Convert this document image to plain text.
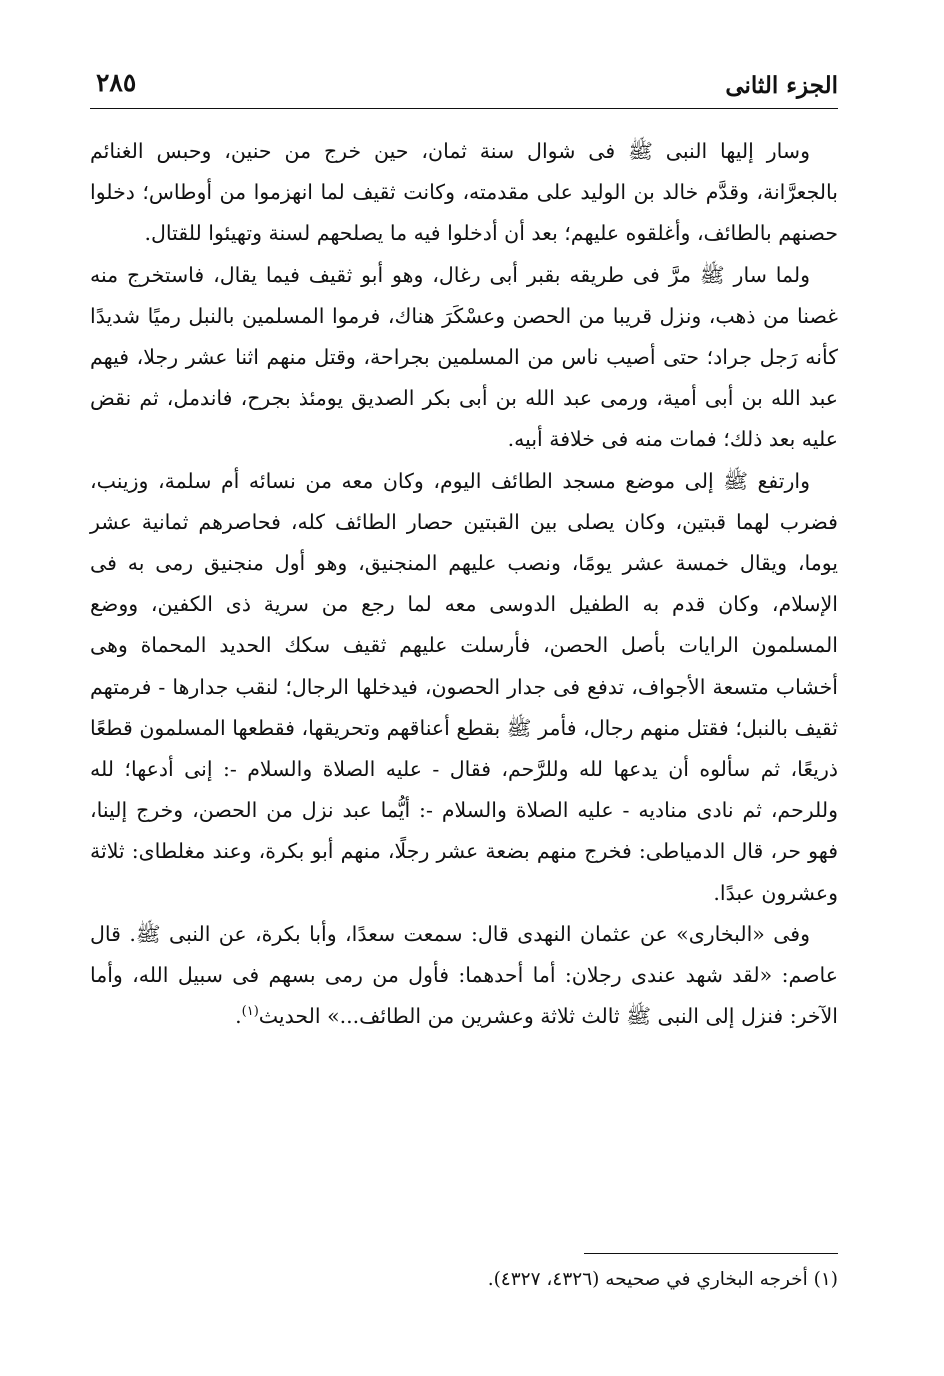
الجزء الثانى
٢٨٥

وسار إليها النبى ﷺ فى شوال سنة ثمان، حين خرج من حنين، وحبس الغنائم بالجعرَّانة، وقدَّم خالد بن الوليد على مقدمته، وكانت ثقيف لما انهزموا من أوطاس؛ دخلوا حصنهم بالطائف، وأغلقوه عليهم؛ بعد أن أدخلوا فيه ما يصلحهم لسنة وتهيئوا للقتال.

ولما سار ﷺ مرَّ فى طريقه بقبر أبى رغال، وهو أبو ثقيف فيما يقال، فاستخرج منه غصنا من ذهب، ونزل قريبا من الحصن وعسْكَرَ هناك، فرموا المسلمين بالنبل رميًا شديدًا كأنه رَجل جراد؛ حتى أصيب ناس من المسلمين بجراحة، وقتل منهم اثنا عشر رجلا، فيهم عبد الله بن أبى أمية، ورمى عبد الله بن أبى بكر الصديق يومئذ بجرح، فاندمل، ثم نقض عليه بعد ذلك؛ فمات منه فى خلافة أبيه.

وارتفع ﷺ إلى موضع مسجد الطائف اليوم، وكان معه من نسائه أم سلمة، وزينب، فضرب لهما قبتين، وكان يصلى بين القبتين حصار الطائف كله، فحاصرهم ثمانية عشر يوما، ويقال خمسة عشر يومًا، ونصب عليهم المنجنيق، وهو أول منجنيق رمى به فى الإسلام، وكان قدم به الطفيل الدوسى معه لما رجع من سرية ذى الكفين، ووضع المسلمون الرايات بأصل الحصن، فأرسلت عليهم ثقيف سكك الحديد المحماة وهى أخشاب متسعة الأجواف، تدفع فى جدار الحصون، فيدخلها الرجال؛ لنقب جدارها - فرمتهم ثقيف بالنبل؛ فقتل منهم رجال، فأمر ﷺ بقطع أعناقهم وتحريقها، فقطعها المسلمون قطعًا ذريعًا، ثم سألوه أن يدعها لله وللرَّحم، فقال - عليه الصلاة والسلام -: إنى أدعها؛ لله وللرحم، ثم نادى مناديه - عليه الصلاة والسلام -: أيُّما عبد نزل من الحصن، وخرج إلينا، فهو حر، قال الدمياطى: فخرج منهم بضعة عشر رجلًا، منهم أبو بكرة، وعند مغلطاى: ثلاثة وعشرون عبدًا.

وفى «البخارى» عن عثمان النهدى قال: سمعت سعدًا، وأبا بكرة، عن النبى ﷺ. قال عاصم: «لقد شهد عندى رجلان: أما أحدهما: فأول من رمى بسهم فى سبيل الله، وأما الآخر: فنزل إلى النبى ﷺ ثالث ثلاثة وعشرين من الطائف...» الحديث$^{(١)}$.

(١) أخرجه البخاري في صحيحه (٤٣٢٦، ٤٣٢٧).
